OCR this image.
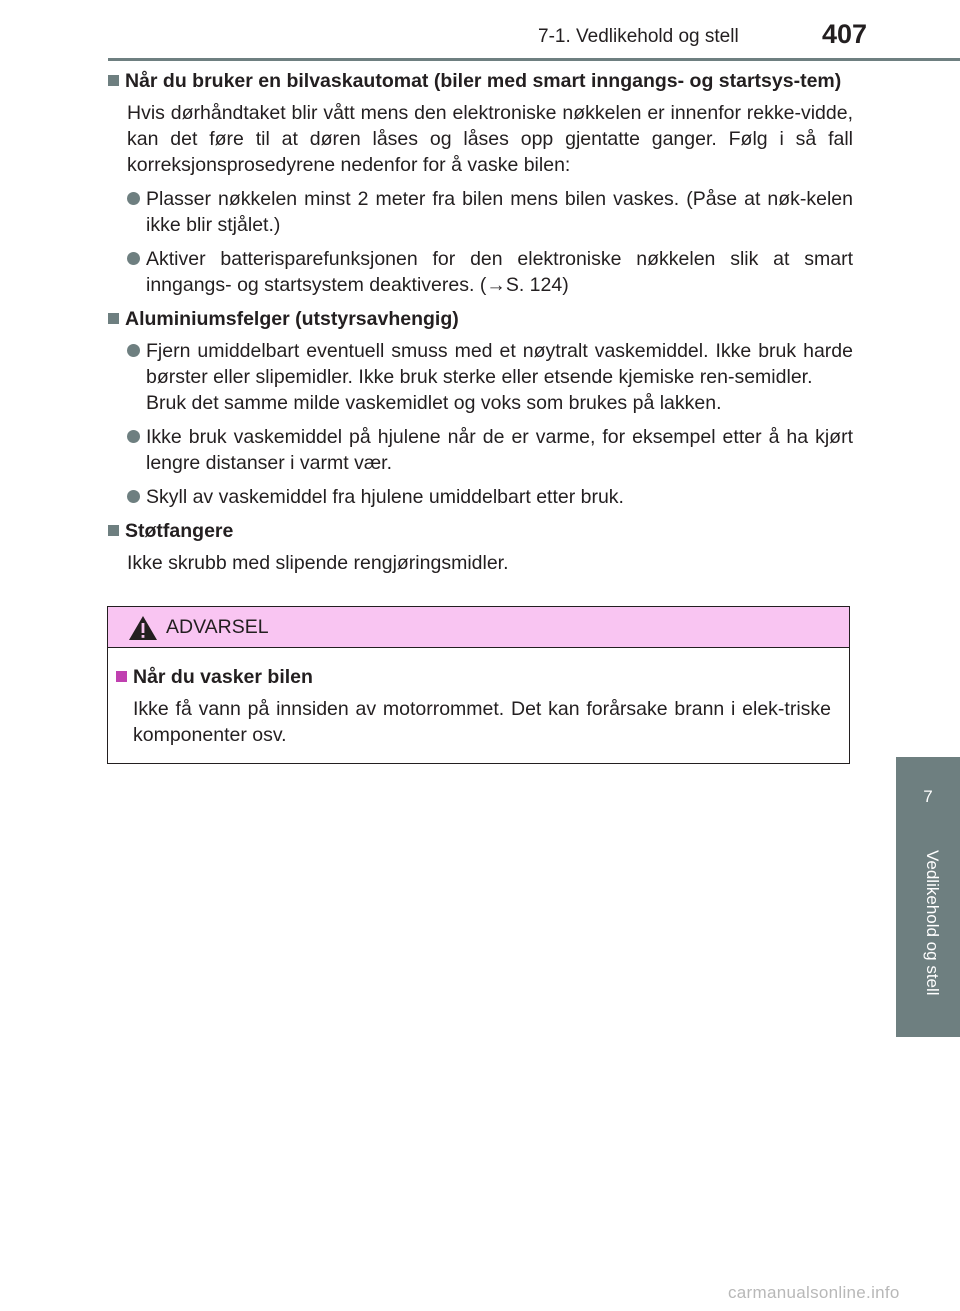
7-1. Vedlikehold og stell	407
7
Vedlikehold og stell
Når du bruker en bilvaskautomat (biler med smart inngangs- og startsys-tem)

Hvis dørhåndtaket blir vått mens den elektroniske nøkkelen er innenfor rekke-vidde, kan det føre til at døren låses og låses opp gjentatte ganger. Følg i så fall korreksjonsprosedyrene nedenfor for å vaske bilen:

Plasser nøkkelen minst 2 meter fra bilen mens bilen vaskes. (Påse at nøk-kelen ikke blir stjålet.)
Aktiver batterisparefunksjonen for den elektroniske nøkkelen slik at smart inngangs- og startsystem deaktiveres. (→S. 124)
Aluminiumsfelger (utstyrsavhengig)
Fjern umiddelbart eventuell smuss med et nøytralt vaskemiddel. Ikke bruk harde børster eller slipemidler. Ikke bruk sterke eller etsende kjemiske ren-semidler.
Bruk det samme milde vaskemidlet og voks som brukes på lakken.
Ikke bruk vaskemiddel på hjulene når de er varme, for eksempel etter å ha kjørt lengre distanser i varmt vær.
Skyll av vaskemiddel fra hjulene umiddelbart etter bruk.
Støtfangere

Ikke skrubb med slipende rengjøringsmidler.

ADVARSEL
Når du vasker bilen
Ikke få vann på innsiden av motorrommet. Det kan forårsake brann i elek-triske komponenter osv.
carmanualsonline.info
